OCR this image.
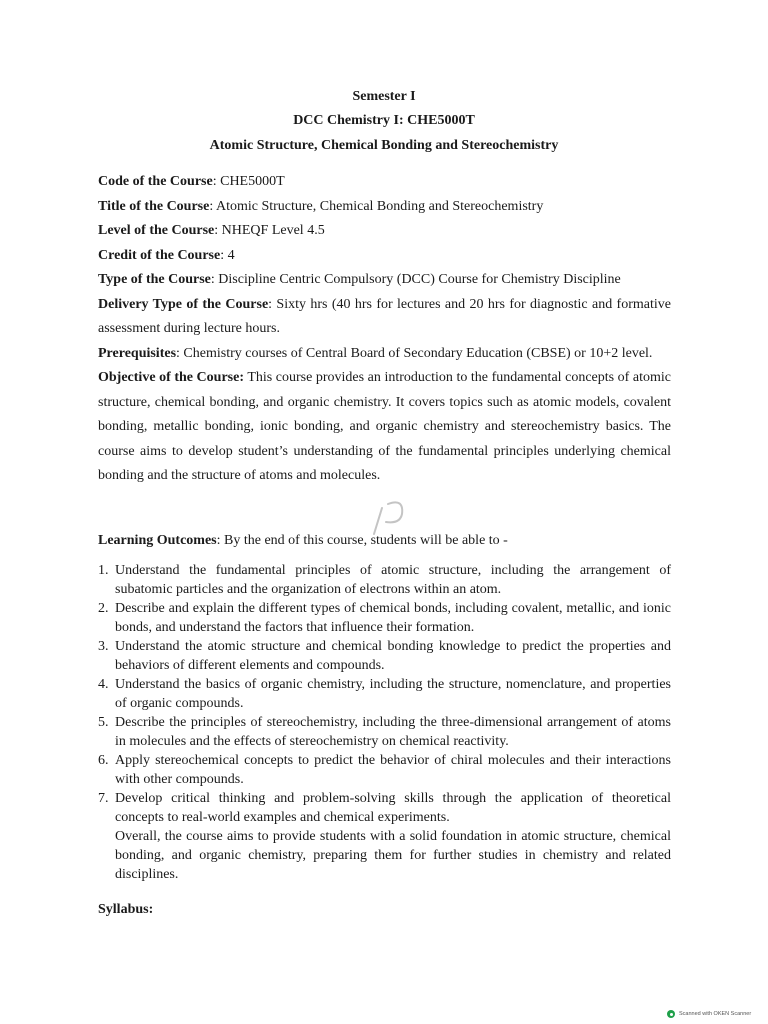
Semester I
DCC Chemistry I: CHE5000T
Atomic Structure, Chemical Bonding and Stereochemistry
Code of the Course: CHE5000T
Title of the Course: Atomic Structure, Chemical Bonding and Stereochemistry
Level of the Course: NHEQF Level 4.5
Credit of the Course: 4
Type of the Course: Discipline Centric Compulsory (DCC) Course for Chemistry Discipline
Delivery Type of the Course: Sixty hrs (40 hrs for lectures and 20 hrs for diagnostic and formative assessment during lecture hours.
Prerequisites: Chemistry courses of Central Board of Secondary Education (CBSE) or 10+2 level.
Objective of the Course: This course provides an introduction to the fundamental concepts of atomic structure, chemical bonding, and organic chemistry. It covers topics such as atomic models, covalent bonding, metallic bonding, ionic bonding, and organic chemistry and stereochemistry basics. The course aims to develop student’s understanding of the fundamental principles underlying chemical bonding and the structure of atoms and molecules.
Learning Outcomes: By the end of this course, students will be able to -
1. Understand the fundamental principles of atomic structure, including the arrangement of subatomic particles and the organization of electrons within an atom.
2. Describe and explain the different types of chemical bonds, including covalent, metallic, and ionic bonds, and understand the factors that influence their formation.
3. Understand the atomic structure and chemical bonding knowledge to predict the properties and behaviors of different elements and compounds.
4. Understand the basics of organic chemistry, including the structure, nomenclature, and properties of organic compounds.
5. Describe the principles of stereochemistry, including the three-dimensional arrangement of atoms in molecules and the effects of stereochemistry on chemical reactivity.
6. Apply stereochemical concepts to predict the behavior of chiral molecules and their interactions with other compounds.
7. Develop critical thinking and problem-solving skills through the application of theoretical concepts to real-world examples and chemical experiments.
Overall, the course aims to provide students with a solid foundation in atomic structure, chemical bonding, and organic chemistry, preparing them for further studies in chemistry and related disciplines.
Syllabus:
Scanned with OKEN Scanner
